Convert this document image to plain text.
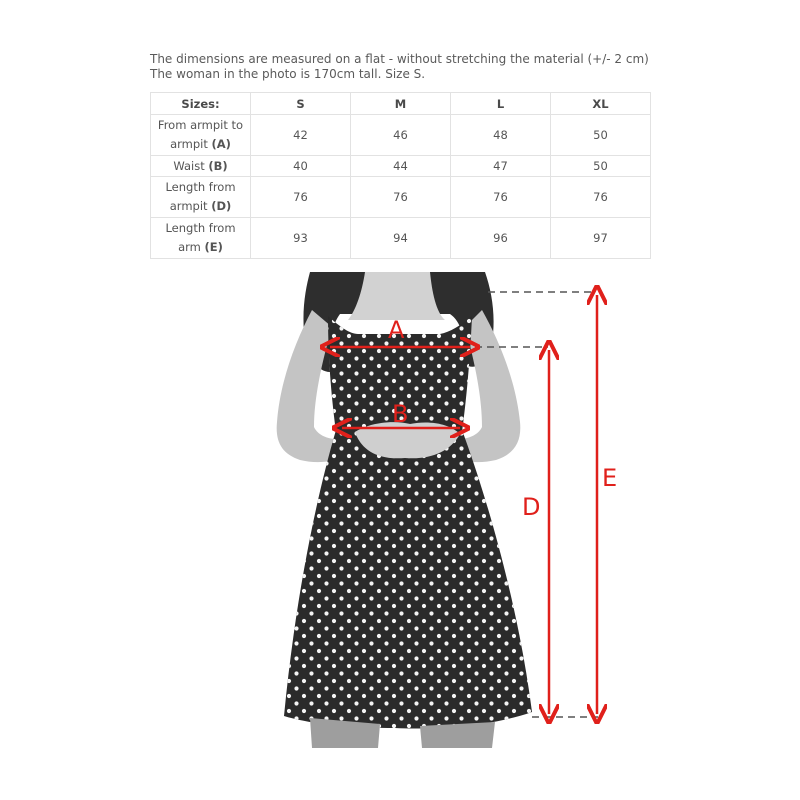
The dimensions are measured on a flat - without stretching the material (+/- 2 cm)
The woman in the photo is 170cm tall. Size S.
Sizes:	S	M	L	XL
From armpit to armpit (A)	42	46	48	50
Waist (B)	40	44	47	50
Length from armpit (D)	76	76	76	76
Length from arm (E)	93	94	96	97
A
B
D
E
